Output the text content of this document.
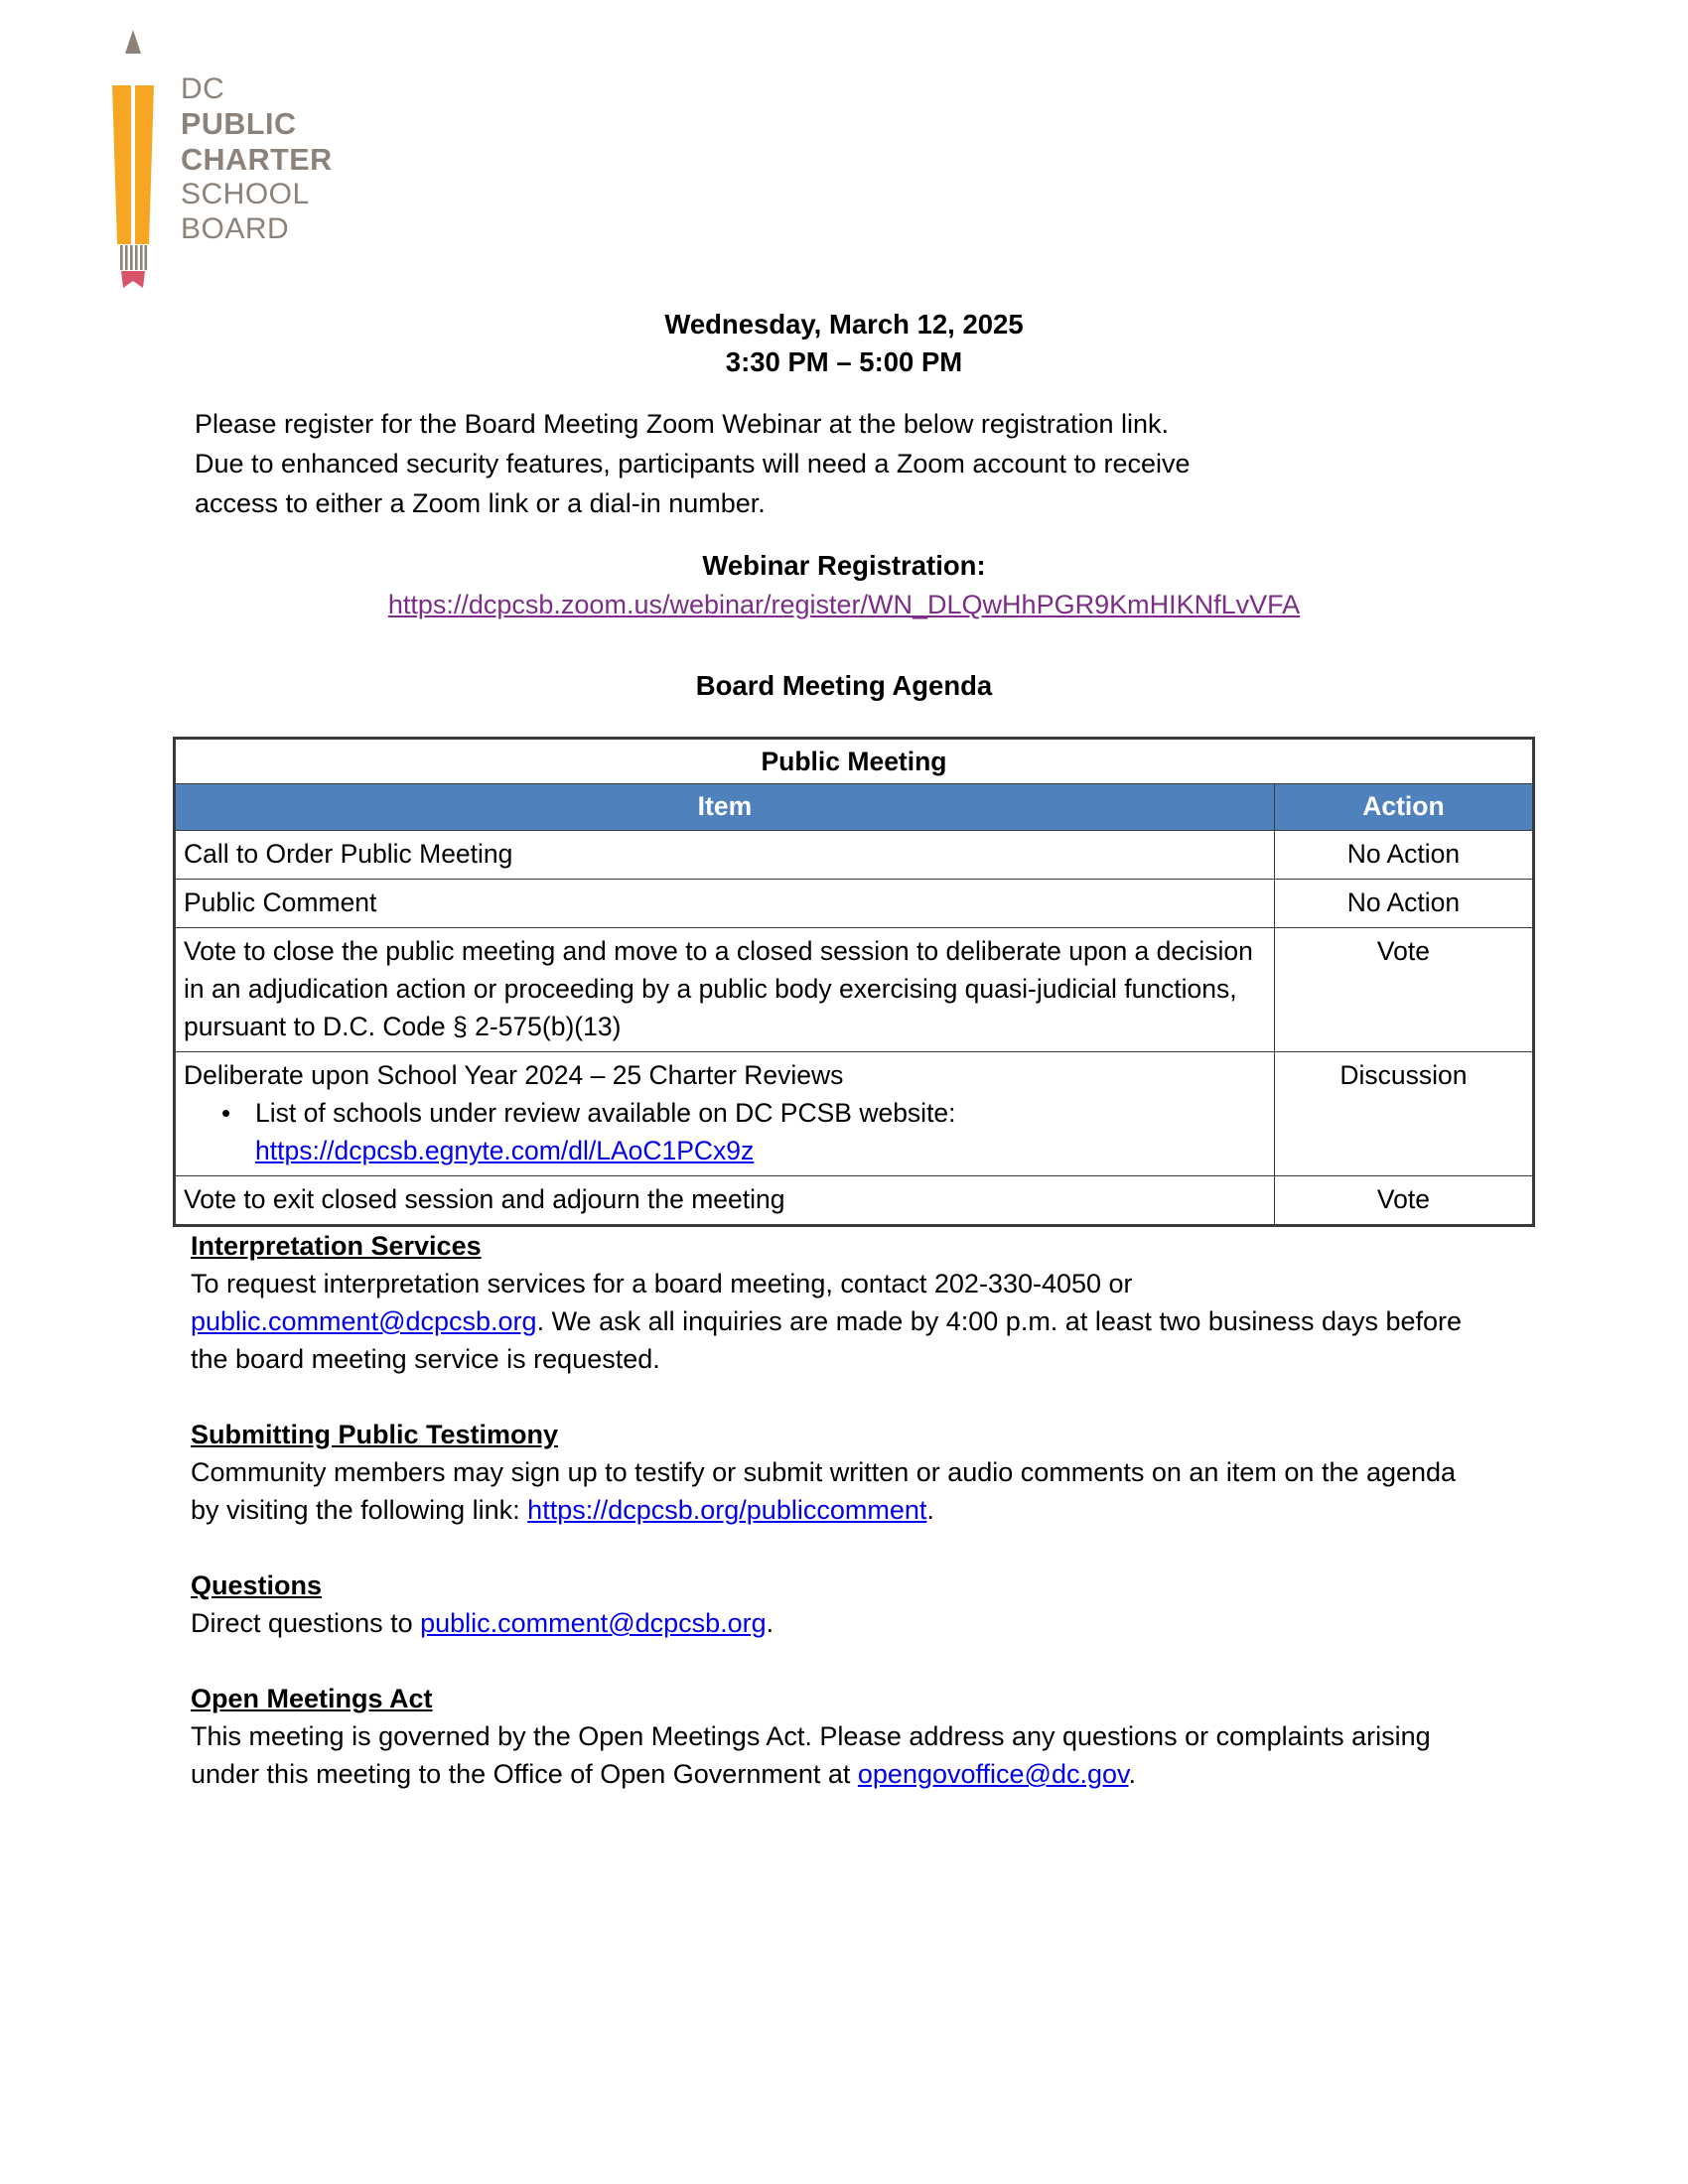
DC
PUBLIC
CHARTER
SCHOOL
BOARD
Wednesday, March 12, 2025
3:30 PM – 5:00 PM
Please register for the Board Meeting Zoom Webinar at the below registration link.
Due to enhanced security features, participants will need a Zoom account to receive
access to either a Zoom link or a dial-in number.
Webinar Registration:
https://dcpcsb.zoom.us/webinar/register/WN_DLQwHhPGR9KmHIKNfLvVFA
Board Meeting Agenda
Public Meeting	
Item	Action
Call to Order Public Meeting	No Action
Public Comment	No Action
Vote to close the public meeting and move to a closed session to deliberate upon a decision in an adjudication action or proceeding by a public body exercising quasi-judicial functions, pursuant to D.C. Code § 2-575(b)(13)	Vote

Deliberate upon School Year 2024 – 25 Charter Reviews
• List of schools under review available on DC PCSB website:
https://dcpcsb.egnyte.com/dl/LAoC1PCx9z
	Discussion
Vote to exit closed session and adjourn the meeting	Vote
Interpretation Services

To request interpretation services for a board meeting, contact 202-330-4050 or public.comment@dcpcsb.org. We ask all inquiries are made by 4:00 p.m. at least two business days before the board meeting service is requested.

Submitting Public Testimony

Community members may sign up to testify or submit written or audio comments on an item on the agenda by visiting the following link: https://dcpcsb.org/publiccomment.

Questions

Direct questions to public.comment@dcpcsb.org.

Open Meetings Act

This meeting is governed by the Open Meetings Act. Please address any questions or complaints arising under this meeting to the Office of Open Government at opengovoffice@dc.gov.
